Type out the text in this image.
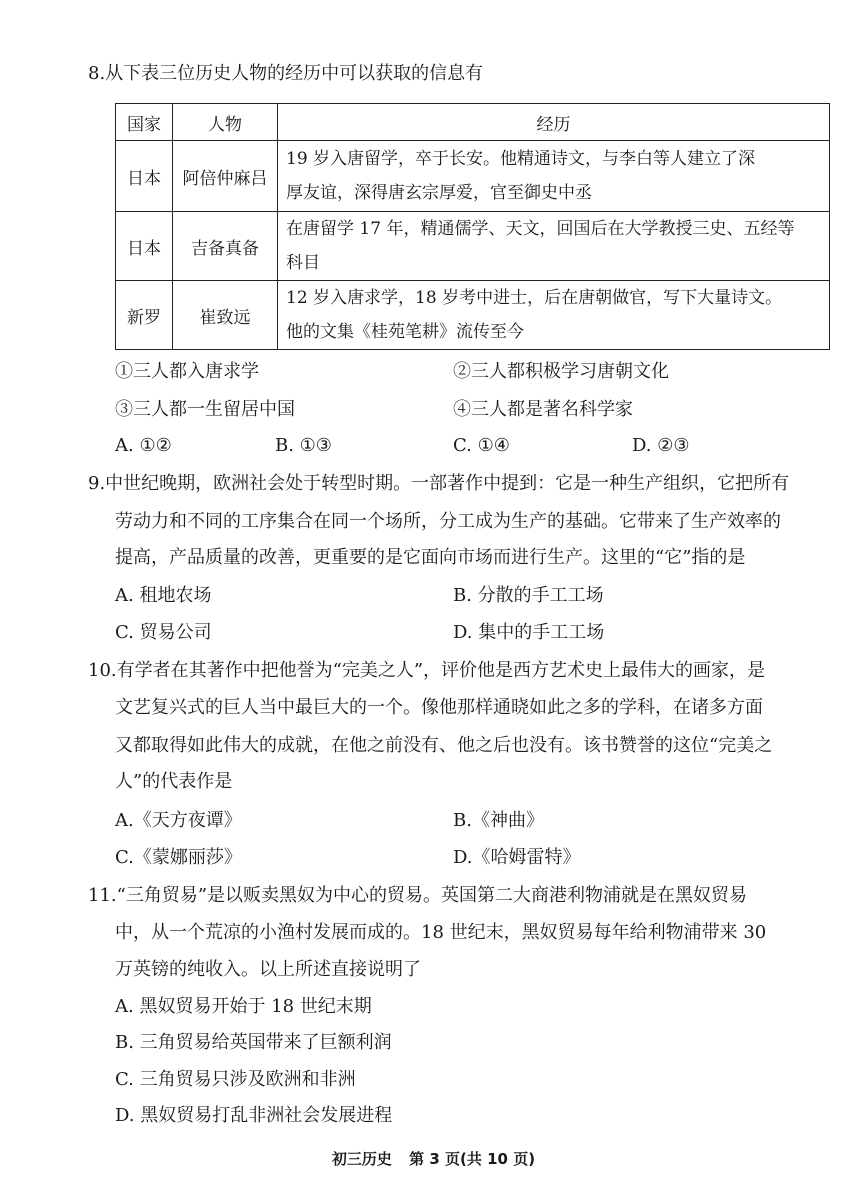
8.从下表三位历史人物的经历中可以获取的信息有
国家	人物	经历
日本	阿倍仲麻吕	19 岁入唐留学，卒于长安。他精通诗文，与李白等人建立了深
厚友谊，深得唐玄宗厚爱，官至御史中丞

日本	吉备真备	在唐留学 17 年，精通儒学、天文，回国后在大学教授三史、五经等
科目

新罗	崔致远	12 岁入唐求学，18 岁考中进士，后在唐朝做官，写下大量诗文。
他的文集《桂苑笔耕》流传至今
①三人都入唐求学	②三人都积极学习唐朝文化
③三人都一生留居中国	④三人都是著名科学家
A. ①②	B. ①③	C. ①④	D. ②③
9.中世纪晚期，欧洲社会处于转型时期。一部著作中提到：它是一种生产组织，它把所有
劳动力和不同的工序集合在同一个场所，分工成为生产的基础。它带来了生产效率的
提高，产品质量的改善，更重要的是它面向市场而进行生产。这里的“它”指的是
A. 租地农场	B. 分散的手工工场
C. 贸易公司	D. 集中的手工工场
10.有学者在其著作中把他誉为“完美之人”，评价他是西方艺术史上最伟大的画家，是
文艺复兴式的巨人当中最巨大的一个。像他那样通晓如此之多的学科，在诸多方面
又都取得如此伟大的成就，在他之前没有、他之后也没有。该书赞誉的这位“完美之
人”的代表作是
A.《天方夜谭》	B.《神曲》
C.《蒙娜丽莎》	D.《哈姆雷特》
11.“三角贸易”是以贩卖黑奴为中心的贸易。英国第二大商港利物浦就是在黑奴贸易
中，从一个荒凉的小渔村发展而成的。18 世纪末，黑奴贸易每年给利物浦带来 30
万英镑的纯收入。以上所述直接说明了
A. 黑奴贸易开始于 18 世纪末期
B. 三角贸易给英国带来了巨额利润
C. 三角贸易只涉及欧洲和非洲
D. 黑奴贸易打乱非洲社会发展进程
初三历史 第 3 页(共 10 页)
